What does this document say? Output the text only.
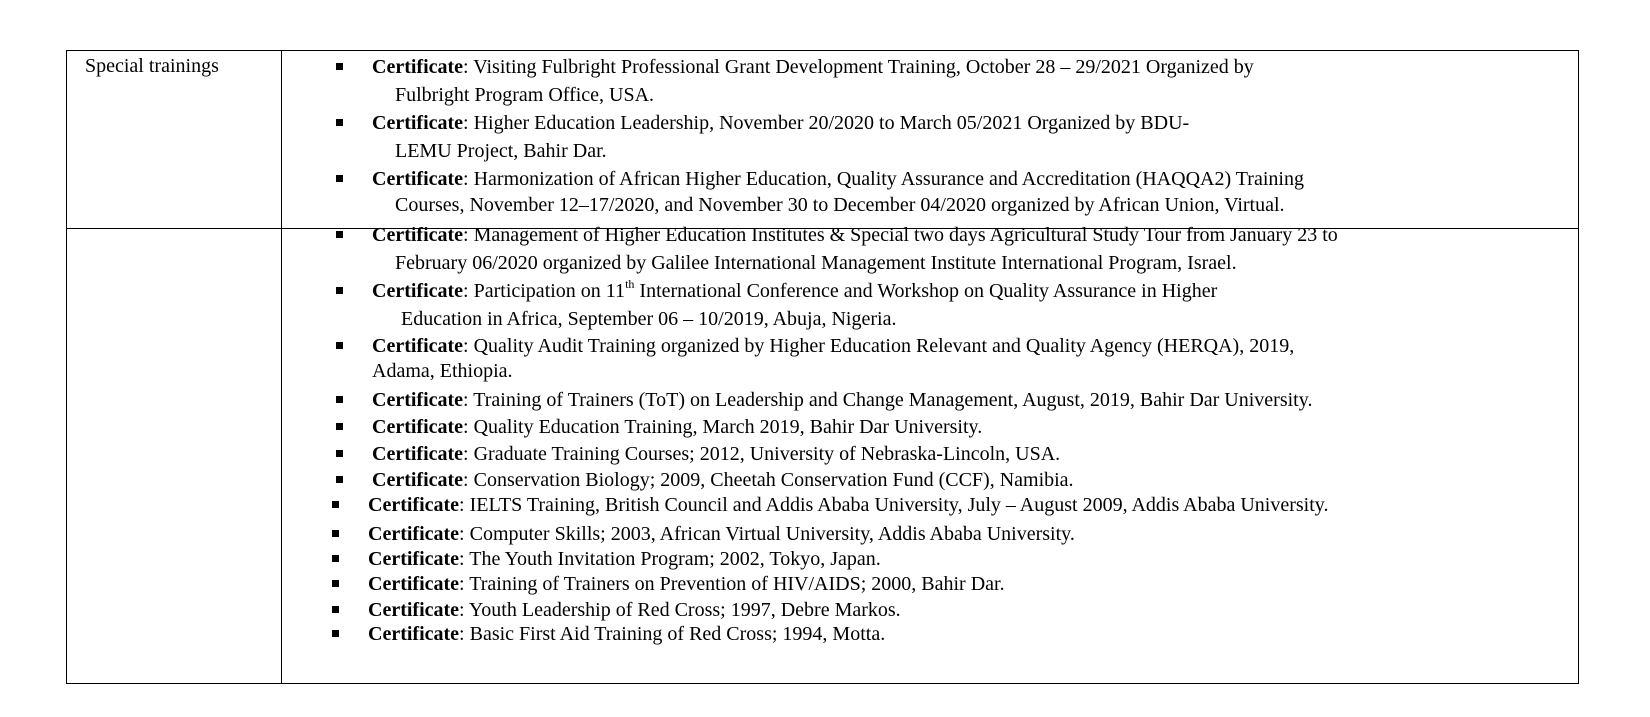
Special trainings	Certificate: Visiting Fulbright Professional Grant Development Training, October 28 – 29/2021 Organized by
Fulbright Program Office, USA.
Certificate: Higher Education Leadership, November 20/2020 to March 05/2021 Organized by BDU-
LEMU Project, Bahir Dar.
Certificate: Harmonization of African Higher Education, Quality Assurance and Accreditation (HAQQA2) Training
Courses, November 12–17/2020, and November 30 to December 04/2020 organized by African Union, Virtual.
Certificate: Management of Higher Education Institutes & Special two days Agricultural Study Tour from January 23 to
February 06/2020 organized by Galilee International Management Institute International Program, Israel.
Certificate: Participation on 11th International Conference and Workshop on Quality Assurance in Higher
Education in Africa, September 06 – 10/2019, Abuja, Nigeria.
Certificate: Quality Audit Training organized by Higher Education Relevant and Quality Agency (HERQA), 2019,
Adama, Ethiopia.
Certificate: Training of Trainers (ToT) on Leadership and Change Management, August, 2019, Bahir Dar University.
Certificate: Quality Education Training, March 2019, Bahir Dar University.
Certificate: Graduate Training Courses; 2012, University of Nebraska-Lincoln, USA.
Certificate: Conservation Biology; 2009, Cheetah Conservation Fund (CCF), Namibia.
Certificate: IELTS Training, British Council and Addis Ababa University, July – August 2009, Addis Ababa University.
Certificate: Computer Skills; 2003, African Virtual University, Addis Ababa University.
Certificate: The Youth Invitation Program; 2002, Tokyo, Japan.
Certificate: Training of Trainers on Prevention of HIV/AIDS; 2000, Bahir Dar.
Certificate: Youth Leadership of Red Cross; 1997, Debre Markos.
Certificate: Basic First Aid Training of Red Cross; 1994, Motta.
